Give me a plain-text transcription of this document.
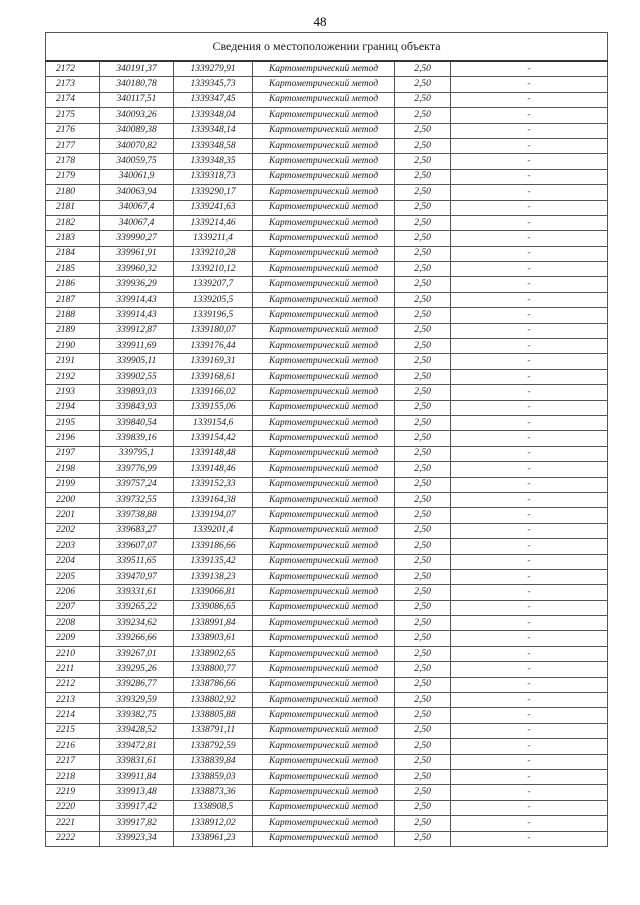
48
Сведения о местоположении границ объекта					
2172	340191,37	1339279,91	Картометрический метод	2,50	-
2173	340180,78	1339345,73	Картометрический метод	2,50	-
2174	340117,51	1339347,45	Картометрический метод	2,50	-
2175	340093,26	1339348,04	Картометрический метод	2,50	-
2176	340089,38	1339348,14	Картометрический метод	2,50	-
2177	340070,82	1339348,58	Картометрический метод	2,50	-
2178	340059,75	1339348,35	Картометрический метод	2,50	-
2179	340061,9	1339318,73	Картометрический метод	2,50	-
2180	340063,94	1339290,17	Картометрический метод	2,50	-
2181	340067,4	1339241,63	Картометрический метод	2,50	-
2182	340067,4	1339214,46	Картометрический метод	2,50	-
2183	339990,27	1339211,4	Картометрический метод	2,50	-
2184	339961,91	1339210,28	Картометрический метод	2,50	-
2185	339960,32	1339210,12	Картометрический метод	2,50	-
2186	339936,29	1339207,7	Картометрический метод	2,50	-
2187	339914,43	1339205,5	Картометрический метод	2,50	-
2188	339914,43	1339196,5	Картометрический метод	2,50	-
2189	339912,87	1339180,07	Картометрический метод	2,50	-
2190	339911,69	1339176,44	Картометрический метод	2,50	-
2191	339905,11	1339169,31	Картометрический метод	2,50	-
2192	339902,55	1339168,61	Картометрический метод	2,50	-
2193	339893,03	1339166,02	Картометрический метод	2,50	-
2194	339843,93	1339155,06	Картометрический метод	2,50	-
2195	339840,54	1339154,6	Картометрический метод	2,50	-
2196	339839,16	1339154,42	Картометрический метод	2,50	-
2197	339795,1	1339148,48	Картометрический метод	2,50	-
2198	339776,99	1339148,46	Картометрический метод	2,50	-
2199	339757,24	1339152,33	Картометрический метод	2,50	-
2200	339732,55	1339164,38	Картометрический метод	2,50	-
2201	339738,88	1339194,07	Картометрический метод	2,50	-
2202	339683,27	1339201,4	Картометрический метод	2,50	-
2203	339607,07	1339186,66	Картометрический метод	2,50	-
2204	339511,65	1339135,42	Картометрический метод	2,50	-
2205	339470,97	1339138,23	Картометрический метод	2,50	-
2206	339331,61	1339066,81	Картометрический метод	2,50	-
2207	339265,22	1339086,65	Картометрический метод	2,50	-
2208	339234,62	1338991,84	Картометрический метод	2,50	-
2209	339266,66	1338903,61	Картометрический метод	2,50	-
2210	339267,01	1338902,65	Картометрический метод	2,50	-
2211	339295,26	1338800,77	Картометрический метод	2,50	-
2212	339286,77	1338786,66	Картометрический метод	2,50	-
2213	339329,59	1338802,92	Картометрический метод	2,50	-
2214	339382,75	1338805,88	Картометрический метод	2,50	-
2215	339428,52	1338791,11	Картометрический метод	2,50	-
2216	339472,81	1338792,59	Картометрический метод	2,50	-
2217	339831,61	1338839,84	Картометрический метод	2,50	-
2218	339911,84	1338859,03	Картометрический метод	2,50	-
2219	339913,48	1338873,36	Картометрический метод	2,50	-
2220	339917,42	1338908,5	Картометрический метод	2,50	-
2221	339917,82	1338912,02	Картометрический метод	2,50	-
2222	339923,34	1338961,23	Картометрический метод	2,50	-
